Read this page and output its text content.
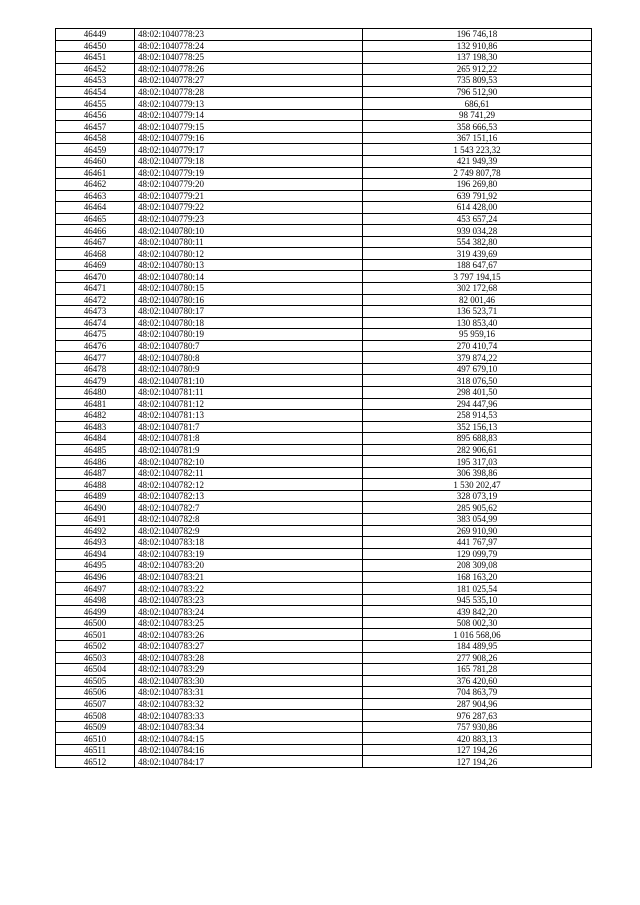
46449	48:02:1040778:23	196 746,18
46450	48:02:1040778:24	132 910,86
46451	48:02:1040778:25	137 198,30
46452	48:02:1040778:26	265 912,22
46453	48:02:1040778:27	735 809,53
46454	48:02:1040778:28	796 512,90
46455	48:02:1040779:13	686,61
46456	48:02:1040779:14	98 741,29
46457	48:02:1040779:15	358 666,53
46458	48:02:1040779:16	367 151,16
46459	48:02:1040779:17	1 543 223,32
46460	48:02:1040779:18	421 949,39
46461	48:02:1040779:19	2 749 807,78
46462	48:02:1040779:20	196 269,80
46463	48:02:1040779:21	639 791,92
46464	48:02:1040779:22	614 428,00
46465	48:02:1040779:23	453 657,24
46466	48:02:1040780:10	939 034,28
46467	48:02:1040780:11	554 382,80
46468	48:02:1040780:12	319 439,69
46469	48:02:1040780:13	188 647,67
46470	48:02:1040780:14	3 797 194,15
46471	48:02:1040780:15	302 172,68
46472	48:02:1040780:16	82 001,46
46473	48:02:1040780:17	136 523,71
46474	48:02:1040780:18	130 853,40
46475	48:02:1040780:19	95 959,16
46476	48:02:1040780:7	270 410,74
46477	48:02:1040780:8	379 874,22
46478	48:02:1040780:9	497 679,10
46479	48:02:1040781:10	318 076,50
46480	48:02:1040781:11	298 401,50
46481	48:02:1040781:12	294 447,96
46482	48:02:1040781:13	258 914,53
46483	48:02:1040781:7	352 156,13
46484	48:02:1040781:8	895 688,83
46485	48:02:1040781:9	282 906,61
46486	48:02:1040782:10	195 317,03
46487	48:02:1040782:11	306 398,86
46488	48:02:1040782:12	1 530 202,47
46489	48:02:1040782:13	328 073,19
46490	48:02:1040782:7	285 905,62
46491	48:02:1040782:8	383 054,99
46492	48:02:1040782:9	269 910,90
46493	48:02:1040783:18	441 767,97
46494	48:02:1040783:19	129 099,79
46495	48:02:1040783:20	208 309,08
46496	48:02:1040783:21	168 163,20
46497	48:02:1040783:22	181 025,54
46498	48:02:1040783:23	945 535,10
46499	48:02:1040783:24	439 842,20
46500	48:02:1040783:25	508 002,30
46501	48:02:1040783:26	1 016 568,06
46502	48:02:1040783:27	184 489,95
46503	48:02:1040783:28	277 908,26
46504	48:02:1040783:29	165 781,28
46505	48:02:1040783:30	376 420,60
46506	48:02:1040783:31	704 863,79
46507	48:02:1040783:32	287 904,96
46508	48:02:1040783:33	976 287,63
46509	48:02:1040783:34	757 930,86
46510	48:02:1040784:15	420 883,13
46511	48:02:1040784:16	127 194,26
46512	48:02:1040784:17	127 194,26
